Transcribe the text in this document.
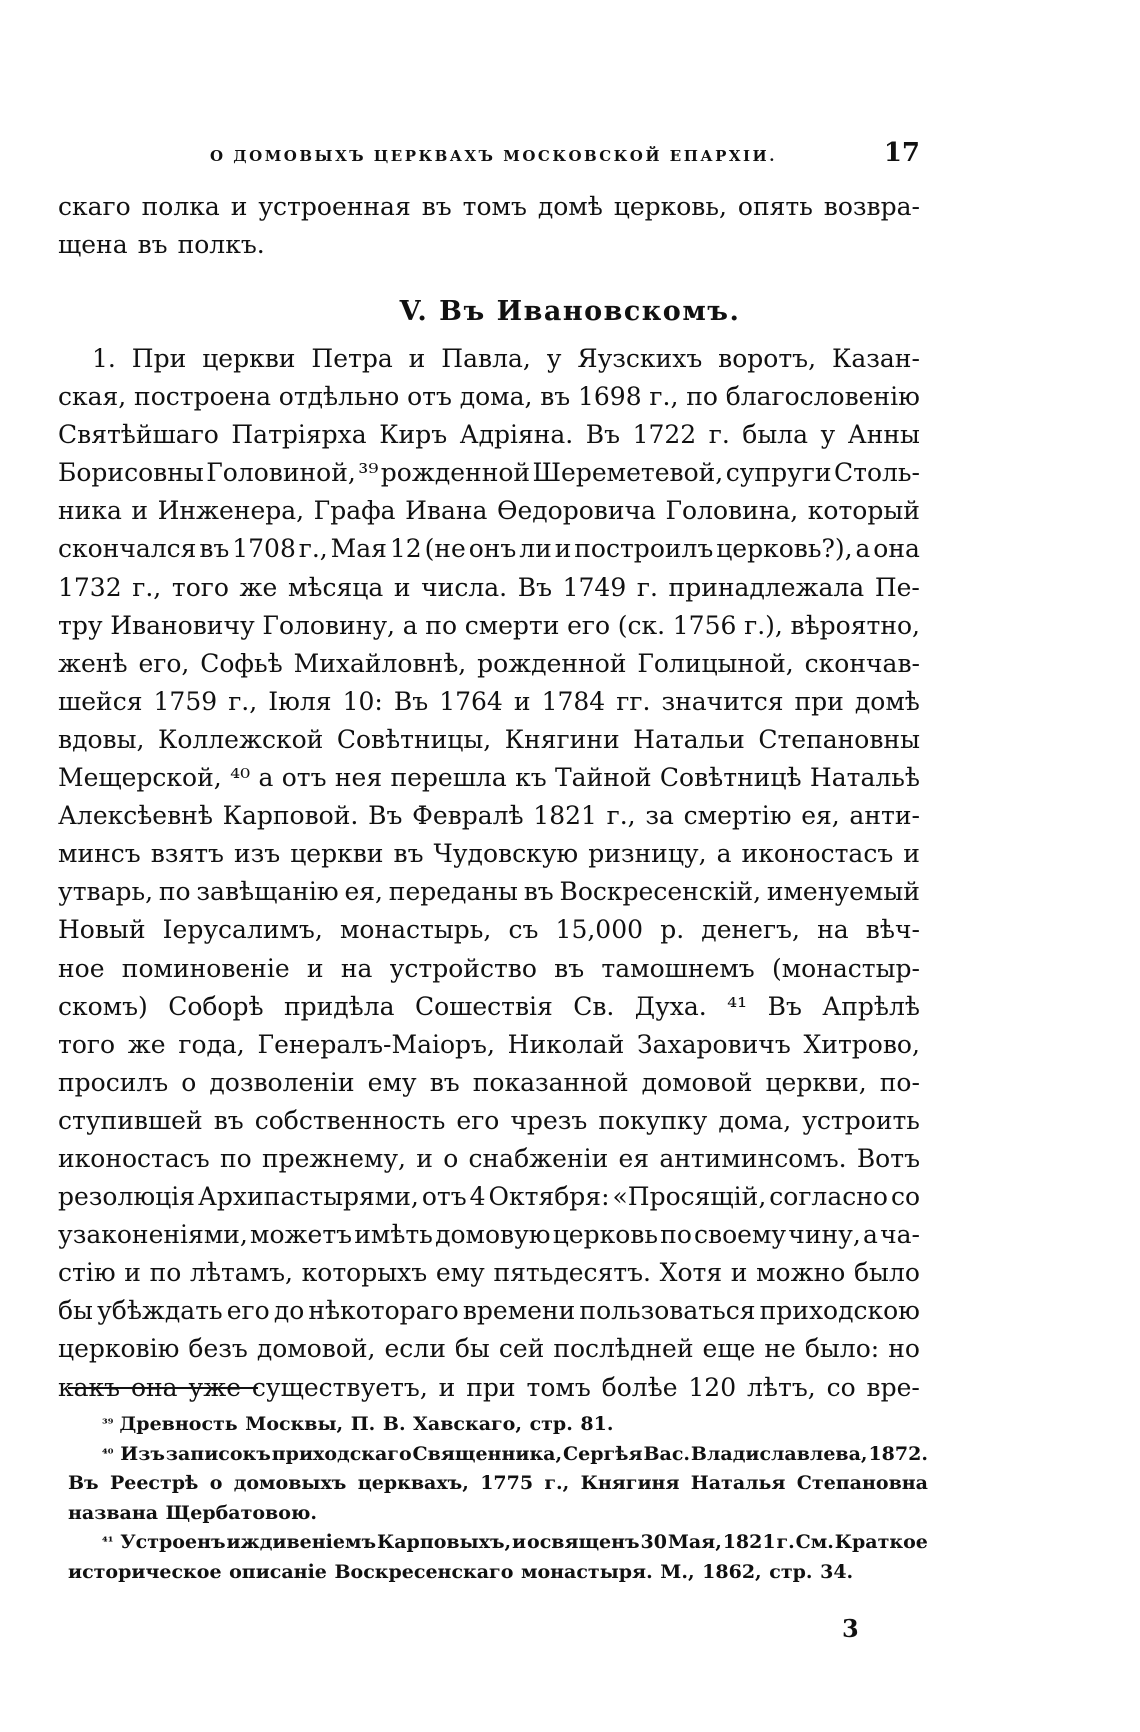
О ДОМОВЫХЪ ЦЕРКВАХЪ МОСКОВСКОЙ ЕПАРХІИ.	17
скаго полка и устроенная въ томъ домѣ церковь, опять возвра-
щена въ полкъ.
V. Въ Ивановскомъ.
1. При церкви Петра и Павла, у Яузскихъ воротъ, Казан-
ская, построена отдѣльно отъ дома, въ 1698 г., по благословенію
Святѣйшаго Патріярха Киръ Адріяна. Въ 1722 г. была у Анны
Борисовны Головиной, ³⁹ рожденной Шереметевой, супруги Столь-
ника и Инженера, Графа Ивана Ѳедоровича Головина, который
скончался въ 1708 г., Мая 12 (не онъ ли и построилъ церковь?), а она
1732 г., того же мѣсяца и числа. Въ 1749 г. принадлежала Пе-
тру Ивановичу Головину, а по смерти его (ск. 1756 г.), вѣроятно,
женѣ его, Софьѣ Михайловнѣ, рожденной Голицыной, скончав-
шейся 1759 г., Іюля 10: Въ 1764 и 1784 гг. значится при домѣ
вдовы, Коллежской Совѣтницы, Княгини Натальи Степановны
Мещерской, ⁴⁰ а отъ нея перешла къ Тайной Совѣтницѣ Натальѣ
Алексѣевнѣ Карповой. Въ Февралѣ 1821 г., за смертію ея, анти-
минсъ взятъ изъ церкви въ Чудовскую ризницу, а иконостасъ и
утварь, по завѣщанію ея, переданы въ Воскресенскій, именуемый
Новый Іерусалимъ, монастырь, съ 15,000 р. денегъ, на вѣч-
ное поминовеніе и на устройство въ тамошнемъ (монастыр-
скомъ) Соборѣ придѣла Сошествія Св. Духа. ⁴¹ Въ Апрѣлѣ
того же года, Генералъ-Маіоръ, Николай Захаровичъ Хитрово,
просилъ о дозволеніи ему въ показанной домовой церкви, по-
ступившей въ собственность его чрезъ покупку дома, устроить
иконостасъ по прежнему, и о снабженіи ея антиминсомъ. Вотъ
резолюція Архипастырями, отъ 4 Октября: «Просящій, согласно со
узаконеніями, можетъ имѣть домовую церковь по своему чину, а ча-
стію и по лѣтамъ, которыхъ ему пятьдесятъ. Хотя и можно было
бы убѣждать его до нѣкотораго времени пользоваться приходскою
церковію безъ домовой, если бы сей послѣдней еще не было: но
какъ она уже существуетъ, и при томъ болѣе 120 лѣтъ, со вре-
³⁹ Древность Москвы, П. В. Хавскаго, стр. 81.
⁴⁰ Изъ записокъ приходскаго Священника, Сергѣя Вас. Владиславлева, 1872.
Въ Реестрѣ о домовыхъ церквахъ, 1775 г., Княгиня Наталья Степановна
названа Щербатовою.
⁴¹ Устроенъ иждивеніемъ Карповыхъ, и освященъ 30 Мая, 1821 г. См. Краткое
историческое описаніе Воскресенскаго монастыря. М., 1862, стр. 34.
3
